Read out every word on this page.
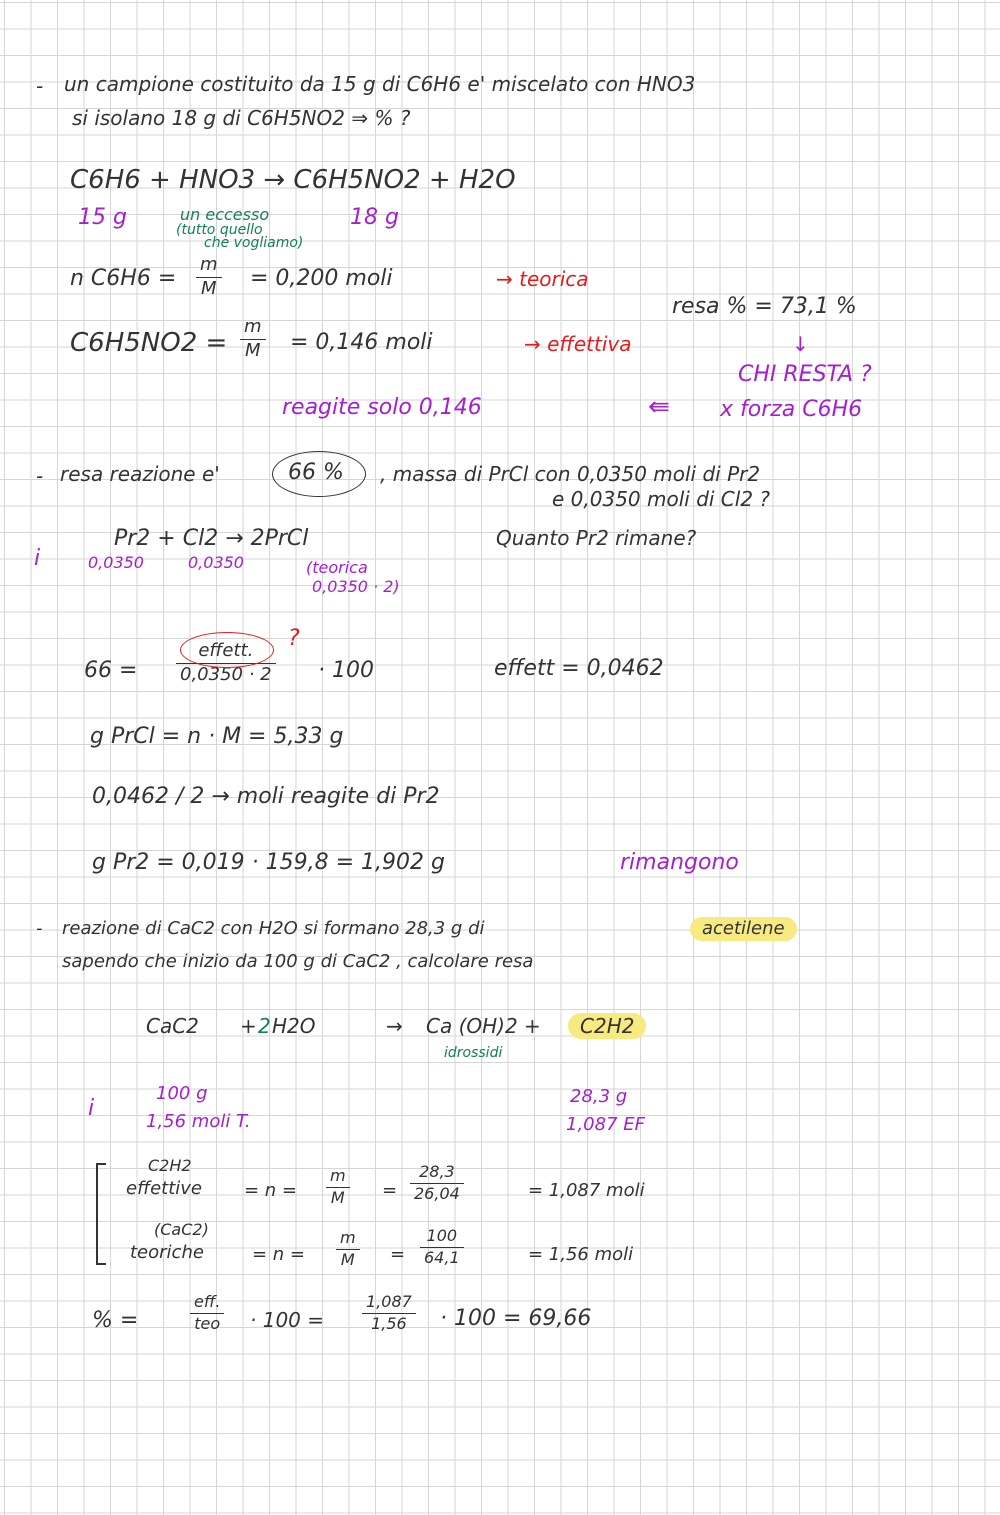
- un campione costituito da 15 g di C6H6 e' miscelato con HNO3
si isolano 18 g di C6H5NO2 ⇒ % ?
C6H6 + HNO3 → C6H5NO2 + H2O
15 g	un eccesso
(tutto quello
che vogliamo)
18 g
n $C6H6 = \frac{m}{M} = 0,200$ moli	→ teorica
resa % = 73,1 %
$C6H5NO2 = \frac{m}{M} = 0,146$ moli	→ effettiva	↓
CHI RESTA ?
reagite solo 0,146	⇚ x forza C6H6
- resa reazione e'	66 % , massa di PrCl con 0,0350 moli di Pr2
e 0,0350 moli di Cl2 ?
Pr2 + Cl2 → 2PrCl	Quanto Pr2 rimane?
i	0,0350	0,0350	(teorica
0,0350 · 2)
66 =
effett.
0,0350 · 2
?
· 100	effett = 0,0462
g PrCl = n · M = 5,33 g
0,0462 / 2 → moli reagite di Pr2
g Pr2 = 0,019 · 159,8 = 1,902 g	rimangono
- reazione di CaC2 con H2O si formano 28,3 g di	acetilene
sapendo che inizio da 100 g di CaC2 , calcolare resa
CaC2 + 2 H2O	→ Ca (OH)2 +	C2H2
idrossidi
i
100 g
1,56 moli T.
28,3 g
1,087 EF
C2H2
effettive = $n = \frac{m}{M} = \frac{28,3}{26,04}$	= 1,087 moli
(CaC2)
teoriche	= $n = \frac{m}{M} = \frac{100}{64,1}$	= 1,56 moli
% =
eff.
teo · $100 = \frac{1,087}{1,56} \cdot 100 = 69,66$
